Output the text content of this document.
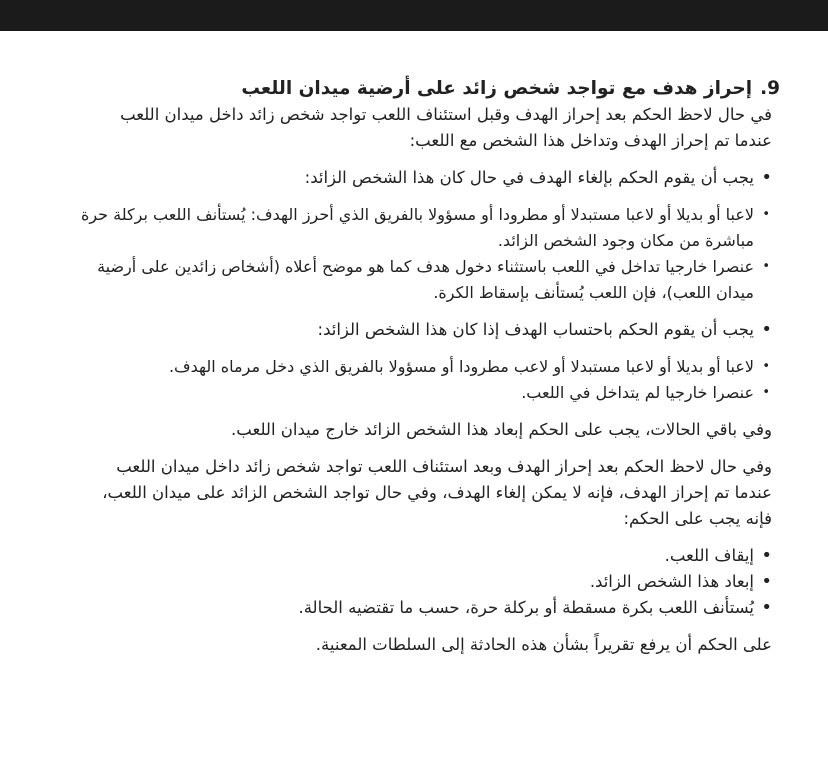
9.إحراز هدف مع تواجد شخص زائد على أرضية ميدان اللعب

في حال لاحظ الحكم بعد إحراز الهدف وقبل استئناف اللعب تواجد شخص زائد داخل ميدان اللعب عندما تم إحراز الهدف وتداخل هذا الشخص مع اللعب:

• يجب أن يقوم الحكم بإلغاء الهدف في حال كان هذا الشخص الزائد:
• لاعبا أو بديلا أو لاعبا مستبدلا أو مطرودا أو مسؤولا بالفريق الذي أحرز الهدف: يُستأنف اللعب بركلة حرة مباشرة من مكان وجود الشخص الزائد.
• عنصرا خارجيا تداخل في اللعب باستثناء دخول هدف كما هو موضح أعلاه (أشخاص زائدين على أرضية ميدان اللعب)، فإن اللعب يُستأنف بإسقاط الكرة.
• يجب أن يقوم الحكم باحتساب الهدف إذا كان هذا الشخص الزائد:
• لاعبا أو بديلا أو لاعبا مستبدلا أو لاعب مطرودا أو مسؤولا بالفريق الذي دخل مرماه الهدف.
• عنصرا خارجيا لم يتداخل في اللعب.

وفي باقي الحالات، يجب على الحكم إبعاد هذا الشخص الزائد خارج ميدان اللعب.

وفي حال لاحظ الحكم بعد إحراز الهدف وبعد استئناف اللعب تواجد شخص زائد داخل ميدان اللعب عندما تم إحراز الهدف، فإنه لا يمكن إلغاء الهدف، وفي حال تواجد الشخص الزائد على ميدان اللعب، فإنه يجب على الحكم:

• إيقاف اللعب.
• إبعاد هذا الشخص الزائد.
• يُستأنف اللعب بكرة مسقطة أو بركلة حرة، حسب ما تقتضيه الحالة.

على الحكم أن يرفع تقريراً بشأن هذه الحادثة إلى السلطات المعنية.
